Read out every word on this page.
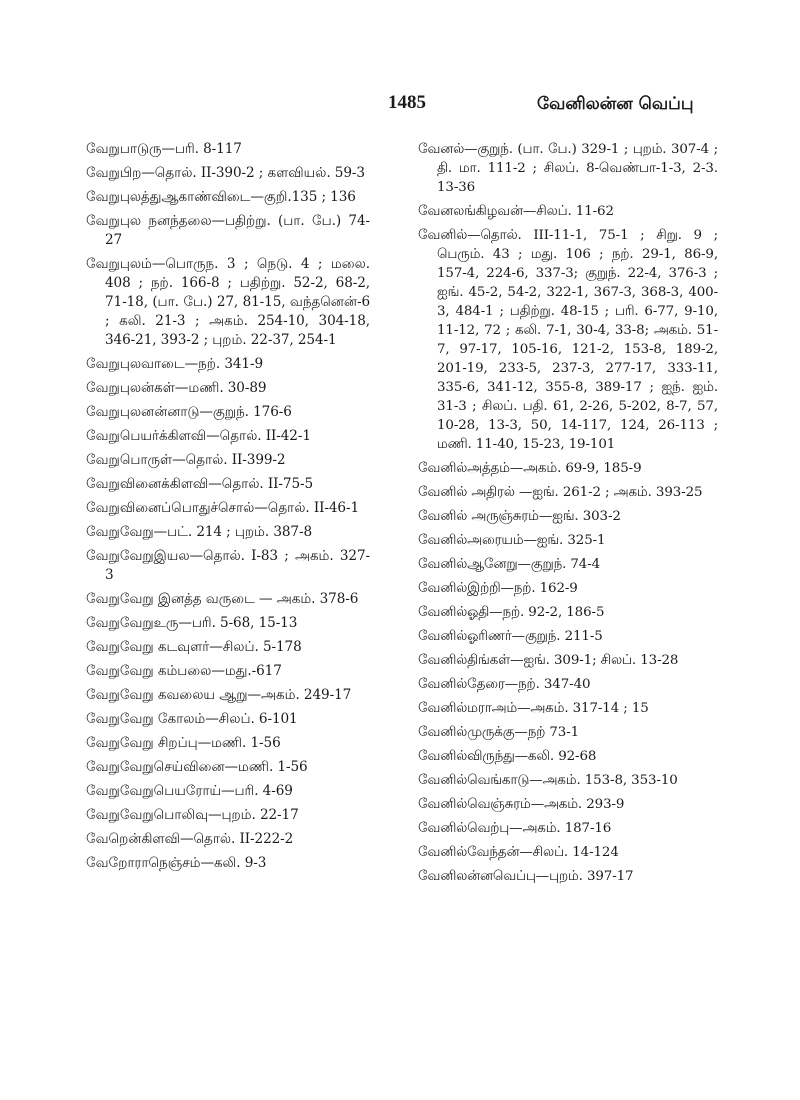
1485	வேனிலன்ன வெப்பு
வேறுபாடுரு—பரி. 8-117
வேறுபிற—தொல். II-390-2 ; களவியல். 59-3
வேறுபுலத்துஆகாண்விடை—குறி.135 ; 136
வேறுபுல நனந்தலை—பதிற்று. (பா. பே.) 74-27
வேறுபுலம்—பொருந. 3 ; நெடு. 4 ; மலை. 408 ; நற். 166-8 ; பதிற்று. 52-2, 68-2, 71-18, (பா. பே.) 27, 81-15, வந்தனென்-6 ; கலி. 21-3 ; அகம். 254-10, 304-18, 346-21, 393-2 ; புறம். 22-37, 254-1
வேறுபுலவாடை—நற். 341-9
வேறுபுலன்கள்—மணி. 30-89
வேறுபுலனன்னாடு—குறுந். 176-6
வேறுபெயர்க்கிளவி—தொல். II-42-1
வேறுபொருள்—தொல். II-399-2
வேறுவினைக்கிளவி—தொல். II-75-5
வேறுவினைப்பொதுச்சொல்—தொல். II-46-1
வேறுவேறு—பட். 214 ; புறம். 387-8
வேறுவேறுஇயல—தொல். I-83 ; அகம். 327-3
வேறுவேறு இனத்த வருடை — அகம். 378-6
வேறுவேறுஉரு—பரி. 5-68, 15-13
வேறுவேறு கடவுளர்—சிலப். 5-178
வேறுவேறு கம்பலை—மது.-617
வேறுவேறு கவலைய ஆறு—அகம். 249-17
வேறுவேறு கோலம்—சிலப். 6-101
வேறுவேறு சிறப்பு—மணி. 1-56
வேறுவேறுசெய்வினை—மணி. 1-56
வேறுவேறுபெயரோய்—பரி. 4-69
வேறுவேறுபொலிவு—புறம். 22-17
வேறென்கிளவி—தொல். II-222-2
வேறோராநெஞ்சம்—கலி. 9-3
வேனல்—குறுந். (பா. பே.) 329-1 ; புறம். 307-4 ; தி. மா. 111-2 ; சிலப். 8-வெண்பா-1-3, 2-3. 13-36
வேனலங்கிழவன்—சிலப். 11-62
வேனில்—தொல். III-11-1, 75-1 ; சிறு. 9 ; பெரும். 43 ; மது. 106 ; நற். 29-1, 86-9, 157-4, 224-6, 337-3; குறுந். 22-4, 376-3 ; ஐங். 45-2, 54-2, 322-1, 367-3, 368-3, 400-3, 484-1 ; பதிற்று. 48-15 ; பரி. 6-77, 9-10, 11-12, 72 ; கலி. 7-1, 30-4, 33-8; அகம். 51-7, 97-17, 105-16, 121-2, 153-8, 189-2, 201-19, 233-5, 237-3, 277-17, 333-11, 335-6, 341-12, 355-8, 389-17 ; ஐந். ஐம். 31-3 ; சிலப். பதி. 61, 2-26, 5-202, 8-7, 57, 10-28, 13-3, 50, 14-117, 124, 26-113 ; மணி. 11-40, 15-23, 19-101
வேனில்அத்தம்—அகம். 69-9, 185-9
வேனில் அதிரல் —ஐங். 261-2 ; அகம். 393-25
வேனில் அருஞ்சுரம்—ஐங். 303-2
வேனில்அரையம்—ஐங். 325-1
வேனில்ஆனேறு—குறுந். 74-4
வேனில்இற்றி—நற். 162-9
வேனில்ஓதி—நற். 92-2, 186-5
வேனில்ஓரிணர்—குறுந். 211-5
வேனில்திங்கள்—ஐங். 309-1; சிலப். 13-28
வேனில்தேரை—நற். 347-40
வேனில்மராஅம்—அகம். 317-14 ; 15
வேனில்முருக்கு—நற் 73-1
வேனில்விருந்து—கலி. 92-68
வேனில்வெங்காடு—அகம். 153-8, 353-10
வேனில்வெஞ்சுரம்—அகம். 293-9
வேனில்வெற்பு—அகம். 187-16
வேனில்வேந்தன்—சிலப். 14-124
வேனிலன்னவெப்பு—புறம். 397-17
